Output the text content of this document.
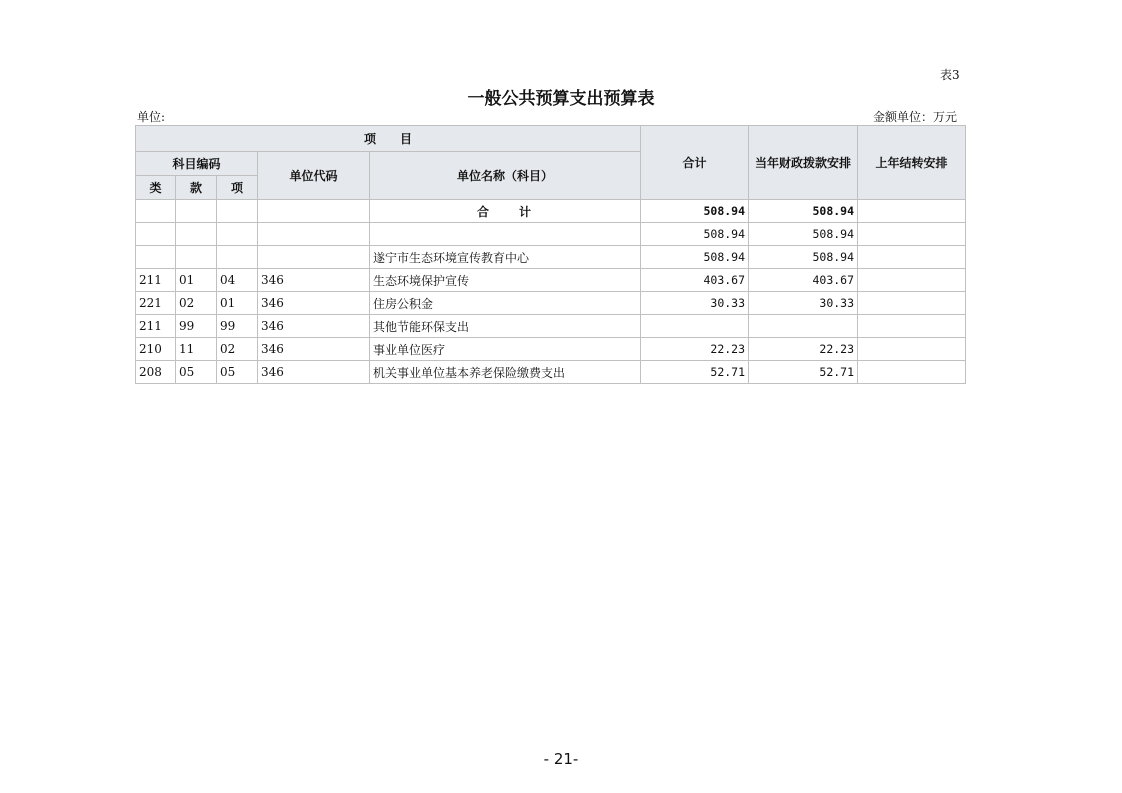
表3
一般公共预算支出预算表
单位:	金额单位：万元
项　　目					合计	当年财政拨款安排	上年结转安排
科目编码			单位代码	单位名称（科目）			
类	款	项					
				合 计	508.94	508.94	
					508.94	508.94	
				遂宁市生态环境宣传教育中心	508.94	508.94	
211	01	04	346	生态环境保护宣传	403.67	403.67	
221	02	01	346	住房公积金	30.33	30.33	
211	99	99	346	其他节能环保支出			
210	11	02	346	事业单位医疗	22.23	22.23	
208	05	05	346	机关事业单位基本养老保险缴费支出	52.71	52.71	
- 21-
